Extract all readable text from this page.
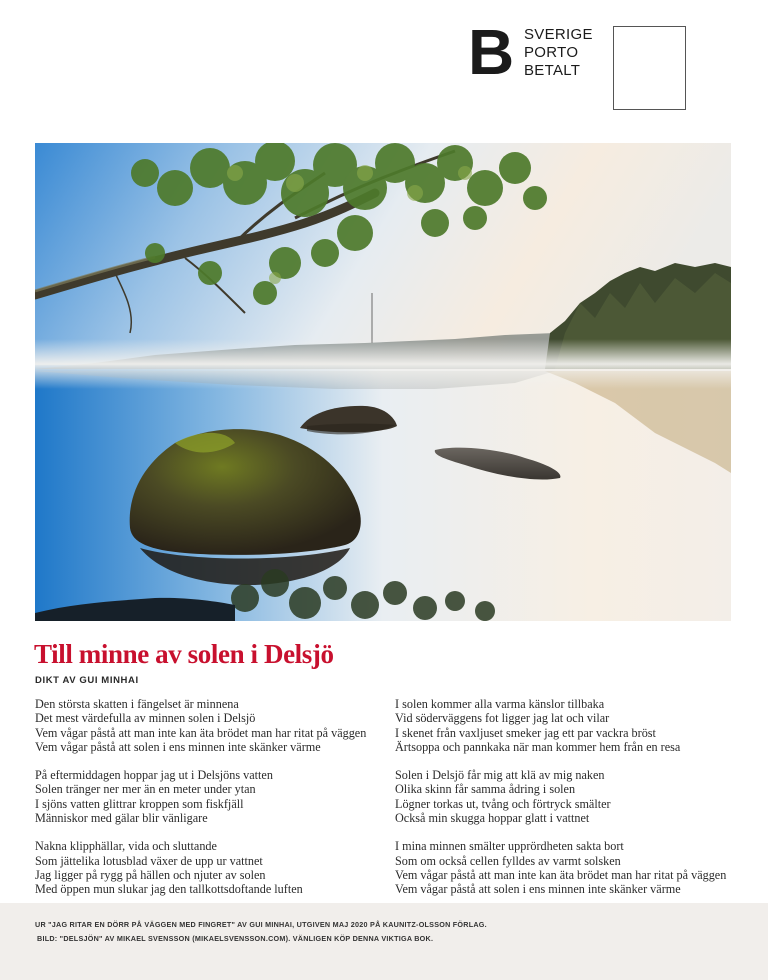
B SVERIGE
PORTO
BETALT
Till minne av solen i Delsjö
DIKT AV GUI MINHAI
Den största skatten i fängelset är minnena
Det mest värdefulla av minnen solen i Delsjö
Vem vågar påstå att man inte kan äta brödet man har ritat på väggen
Vem vågar påstå att solen i ens minnen inte skänker värme
På eftermiddagen hoppar jag ut i Delsjöns vatten
Solen tränger ner mer än en meter under ytan
I sjöns vatten glittrar kroppen som fiskfjäll
Människor med gälar blir vänligare
Nakna klipphällar, vida och sluttande
Som jättelika lotusblad växer de upp ur vattnet
Jag ligger på rygg på hällen och njuter av solen
Med öppen mun slukar jag den tallkottsdoftande luften
I solen kommer alla varma känslor tillbaka
Vid söderväggens fot ligger jag lat och vilar
I skenet från vaxljuset smeker jag ett par vackra bröst
Ärtsoppa och pannkaka när man kommer hem från en resa
Solen i Delsjö får mig att klä av mig naken
Olika skinn får samma ådring i solen
Lögner torkas ut, tvång och förtryck smälter
Också min skugga hoppar glatt i vattnet
I mina minnen smälter upprördheten sakta bort
Som om också cellen fylldes av varmt solsken
Vem vågar påstå att man inte kan äta brödet man har ritat på väggen
Vem vågar påstå att solen i ens minnen inte skänker värme
UR "JAG RITAR EN DÖRR PÅ VÄGGEN MED FINGRET" AV GUI MINHAI, UTGIVEN MAJ 2020 PÅ KAUNITZ-OLSSON FÖRLAG.
BILD: "DELSJÖN" AV MIKAEL SVENSSON (MIKAELSVENSSON.COM). VÄNLIGEN KÖP DENNA VIKTIGA BOK.
